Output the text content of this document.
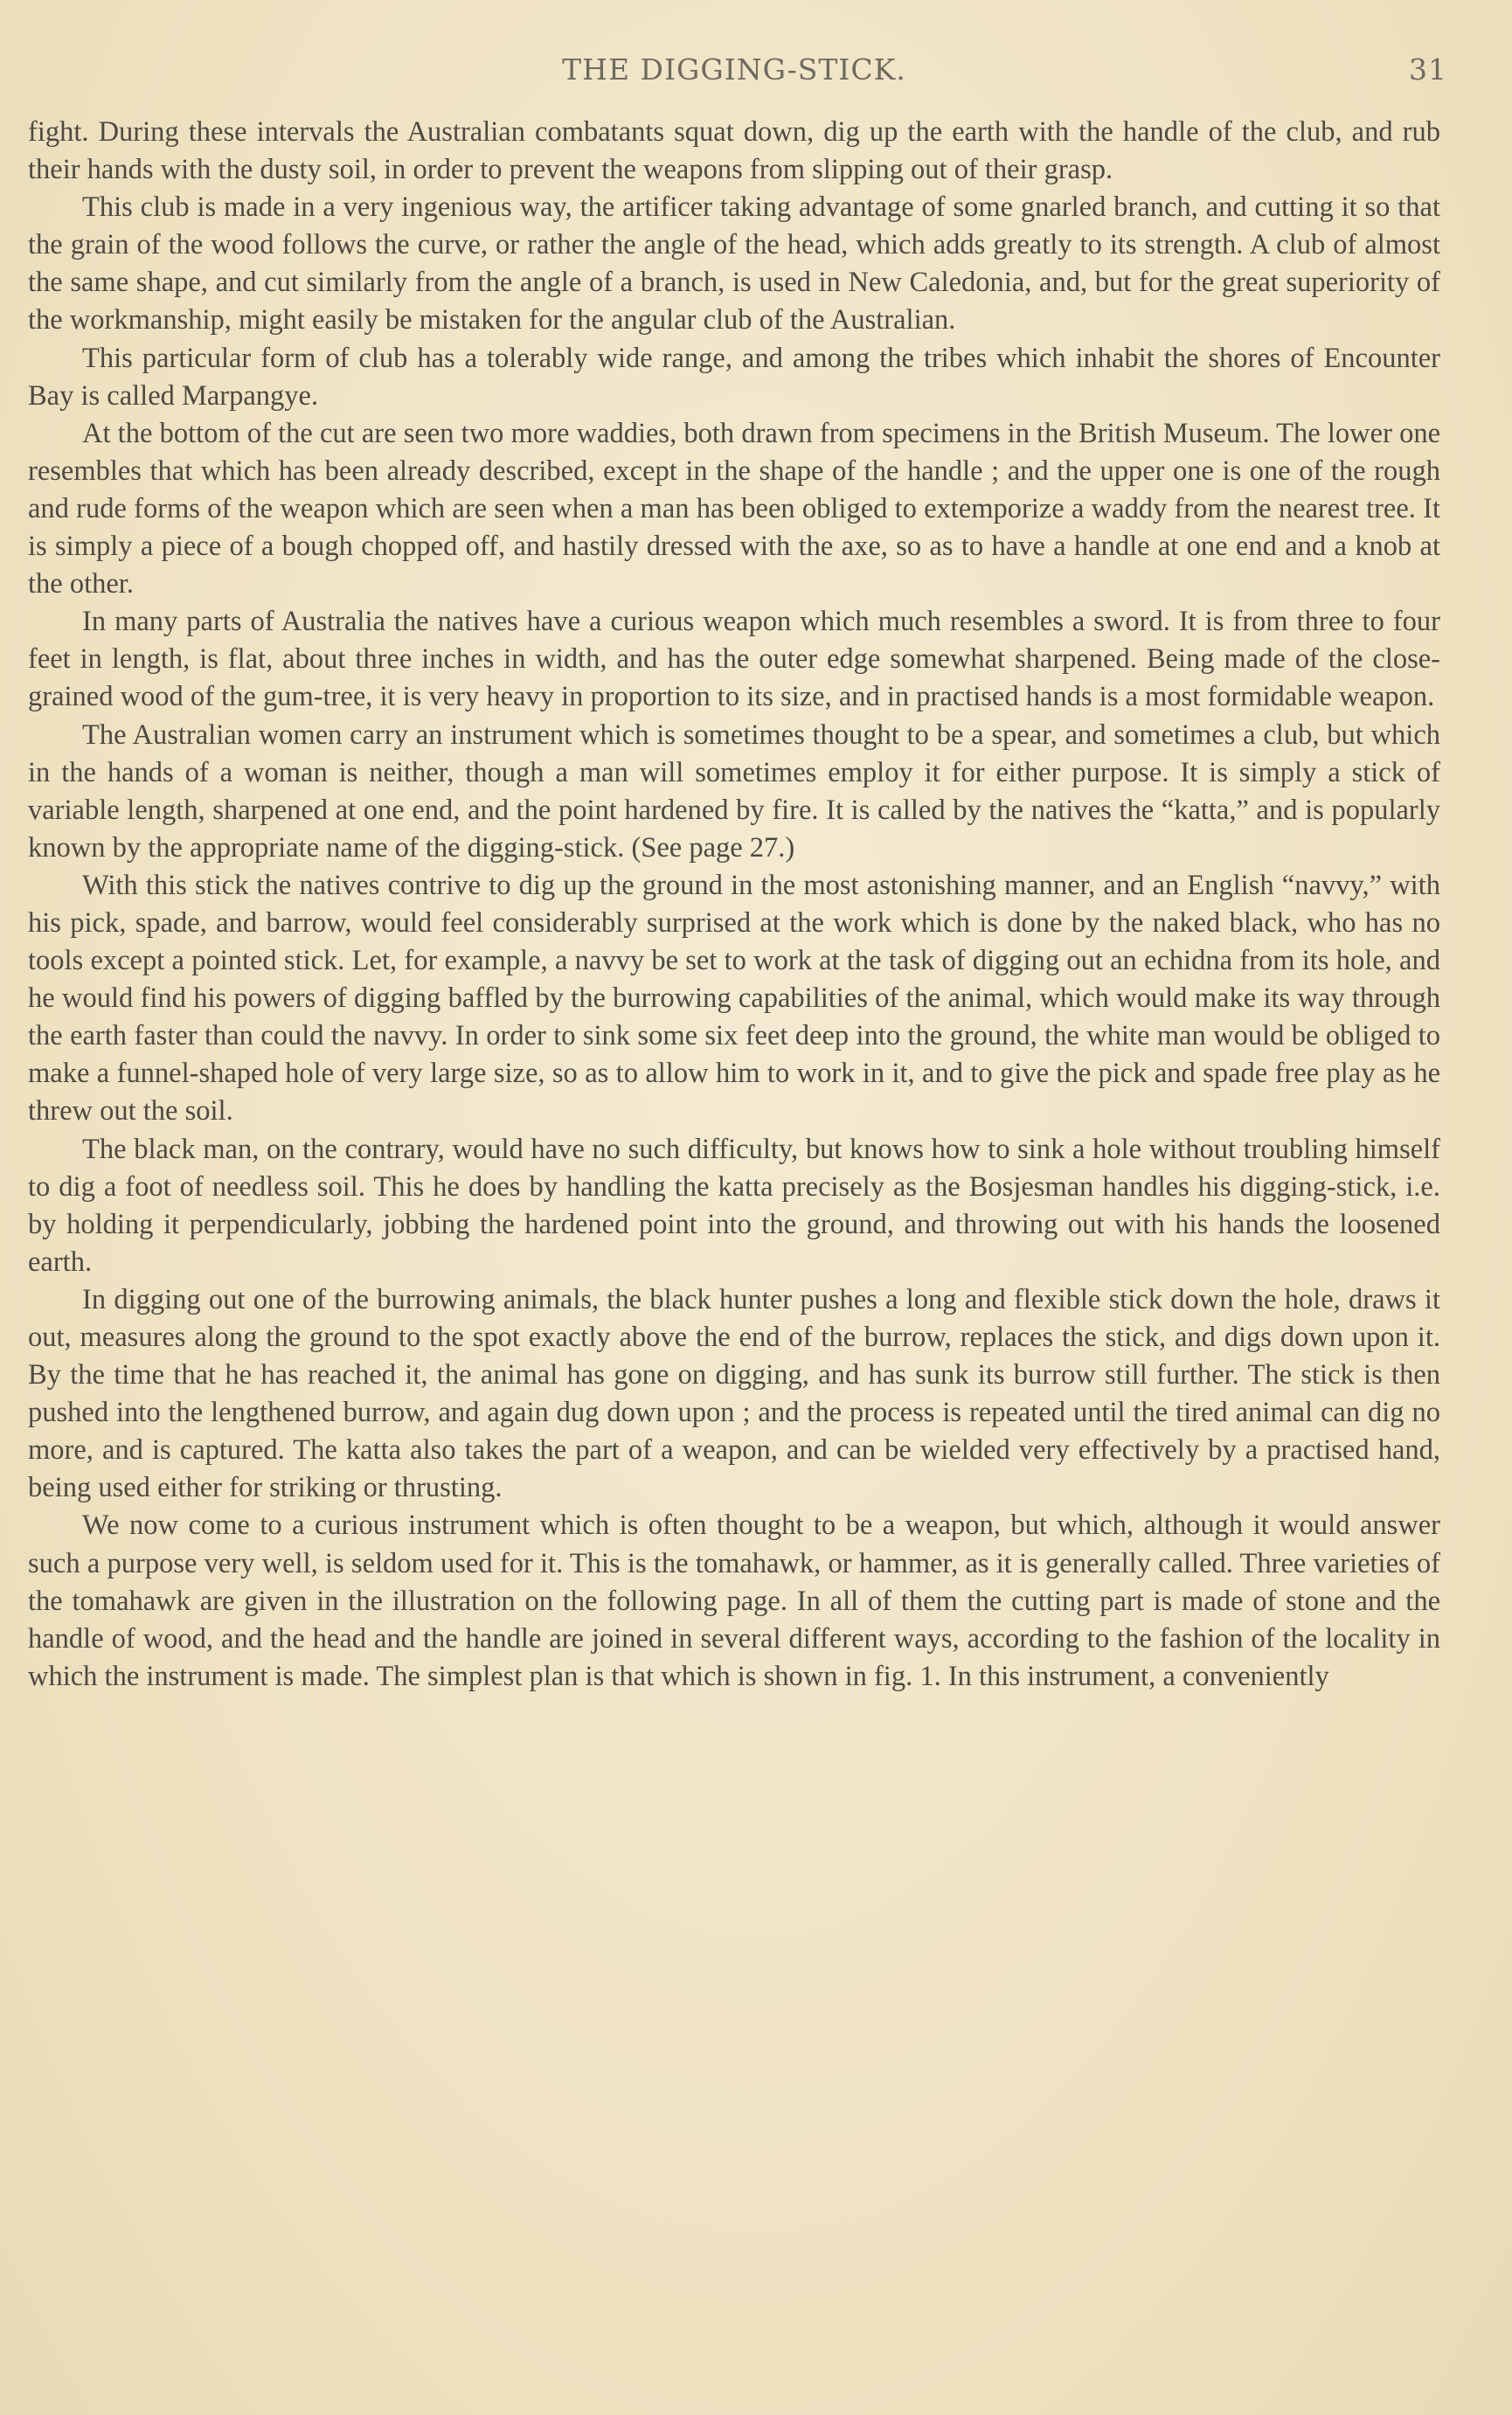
THE DIGGING-STICK.	31

fight. During these intervals the Australian combatants squat down, dig up the earth with the handle of the club, and rub their hands with the dusty soil, in order to prevent the weapons from slipping out of their grasp.

This club is made in a very ingenious way, the artificer taking advantage of some gnarled branch, and cutting it so that the grain of the wood follows the curve, or rather the angle of the head, which adds greatly to its strength. A club of almost the same shape, and cut similarly from the angle of a branch, is used in New Caledonia, and, but for the great superiority of the workmanship, might easily be mistaken for the angular club of the Australian.

This particular form of club has a tolerably wide range, and among the tribes which inhabit the shores of Encounter Bay is called Marpangye.

At the bottom of the cut are seen two more waddies, both drawn from specimens in the British Museum. The lower one resembles that which has been already described, except in the shape of the handle ; and the upper one is one of the rough and rude forms of the weapon which are seen when a man has been obliged to extemporize a waddy from the nearest tree. It is simply a piece of a bough chopped off, and hastily dressed with the axe, so as to have a handle at one end and a knob at the other.

In many parts of Australia the natives have a curious weapon which much resembles a sword. It is from three to four feet in length, is flat, about three inches in width, and has the outer edge somewhat sharpened. Being made of the close-grained wood of the gum-tree, it is very heavy in proportion to its size, and in practised hands is a most formidable weapon.

The Australian women carry an instrument which is sometimes thought to be a spear, and sometimes a club, but which in the hands of a woman is neither, though a man will sometimes employ it for either purpose. It is simply a stick of variable length, sharpened at one end, and the point hardened by fire. It is called by the natives the “katta,” and is popularly known by the appropriate name of the digging-stick. (See page 27.)

With this stick the natives contrive to dig up the ground in the most astonishing manner, and an English “navvy,” with his pick, spade, and barrow, would feel considerably surprised at the work which is done by the naked black, who has no tools except a pointed stick. Let, for example, a navvy be set to work at the task of digging out an echidna from its hole, and he would find his powers of digging baffled by the burrowing capabilities of the animal, which would make its way through the earth faster than could the navvy. In order to sink some six feet deep into the ground, the white man would be obliged to make a funnel-shaped hole of very large size, so as to allow him to work in it, and to give the pick and spade free play as he threw out the soil.

The black man, on the contrary, would have no such difficulty, but knows how to sink a hole without troubling himself to dig a foot of needless soil. This he does by handling the katta precisely as the Bosjesman handles his digging-stick, i.e. by holding it perpendicularly, jobbing the hardened point into the ground, and throwing out with his hands the loosened earth.

In digging out one of the burrowing animals, the black hunter pushes a long and flexible stick down the hole, draws it out, measures along the ground to the spot exactly above the end of the burrow, replaces the stick, and digs down upon it. By the time that he has reached it, the animal has gone on digging, and has sunk its burrow still further. The stick is then pushed into the lengthened burrow, and again dug down upon ; and the process is repeated until the tired animal can dig no more, and is captured. The katta also takes the part of a weapon, and can be wielded very effectively by a practised hand, being used either for striking or thrusting.

We now come to a curious instrument which is often thought to be a weapon, but which, although it would answer such a purpose very well, is seldom used for it. This is the tomahawk, or hammer, as it is generally called. Three varieties of the tomahawk are given in the illustration on the following page. In all of them the cutting part is made of stone and the handle of wood, and the head and the handle are joined in several different ways, according to the fashion of the locality in which the instrument is made. The simplest plan is that which is shown in fig. 1. In this instrument, a conveniently
